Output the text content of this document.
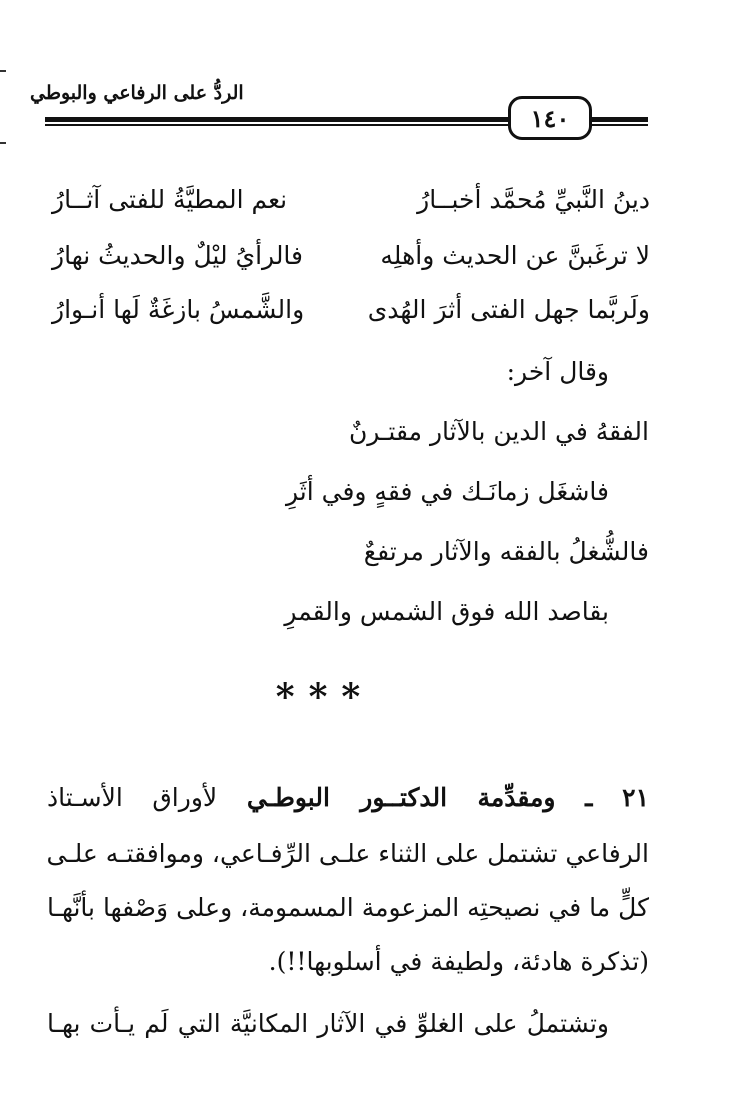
الردُّ على الرفاعي والبوطي
١٤٠
دينُ النَّبيِّ مُحمَّد أخبــارُ
نعم المطيَّةُ للفتى آثــارُ
لا ترغَبنَّ عن الحديث وأهلِه
فالرأيُ ليْلٌ والحديثُ نهارُ
ولَربَّما جهل الفتى أثرَ الهُدى
والشَّمسُ بازغَةٌ لَها أنـوارُ
وقال آخر:
الفقهُ في الدين بالآثار مقتـرنٌ
فاشغَل زمانَـك في فقهٍ وفي أثَرِ
فالشُّغلُ بالفقه والآثار مرتفعٌ
بقاصد الله فوق الشمس والقمرِ
***
٢١ ـ ومقدِّمة الدكتــور البوطـي لأوراق الأسـتاذ
الرفاعي تشتمل على الثناء علـى الرِّفـاعي، وموافقتـه علـى
كلٍّ ما في نصيحتِه المزعومة المسمومة، وعلى وَصْفها بأنَّهـا
(تذكرة هادئة، ولطيفة في أسلوبها!!).
وتشتملُ على الغلوِّ في الآثار المكانيَّة التي لَم يـأت بهـا
